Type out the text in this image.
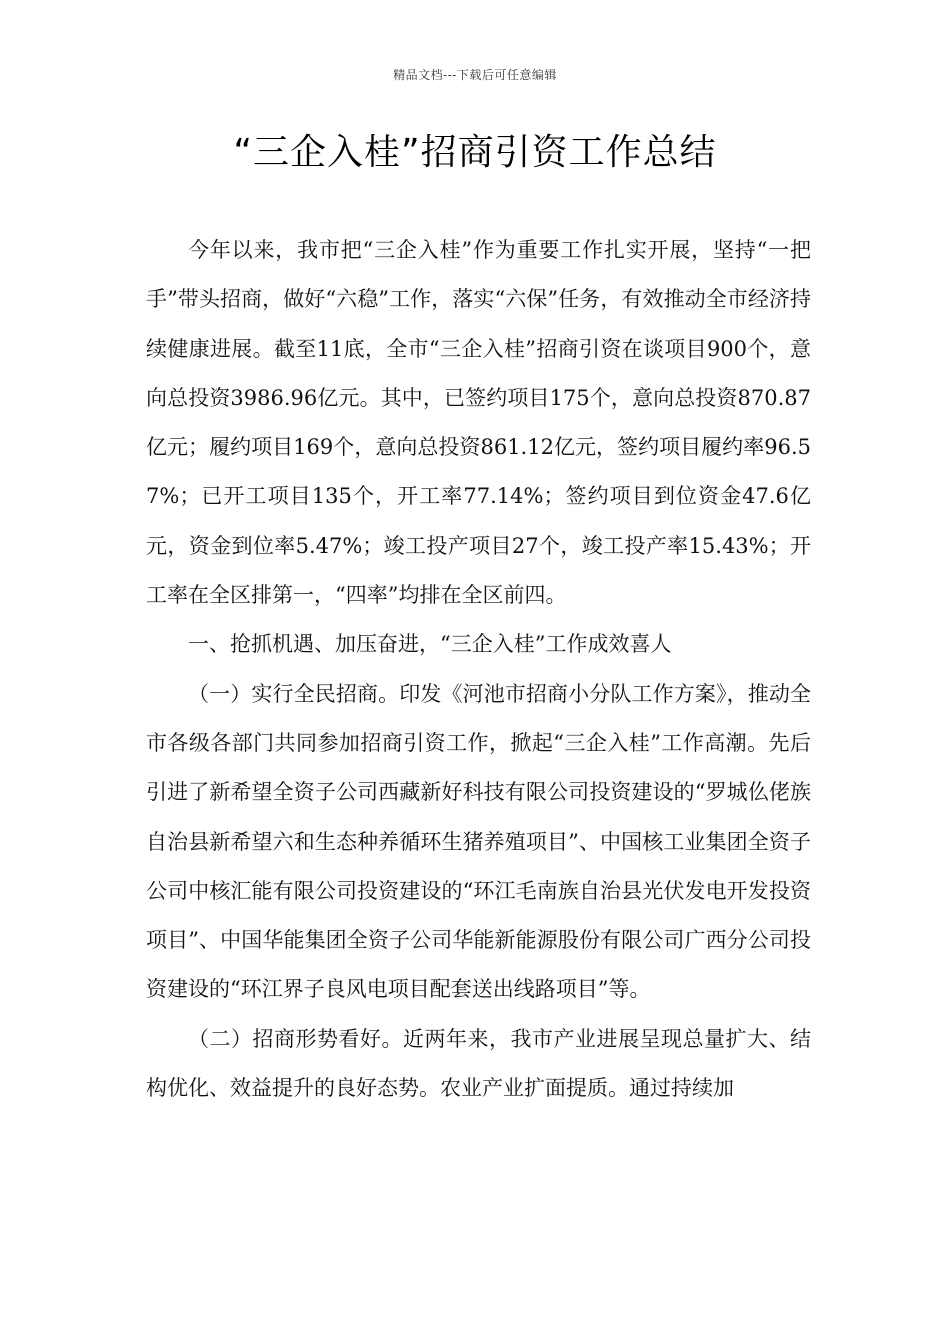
精品文档---下载后可任意编辑
“三企入桂”招商引资工作总结

今年以来，我市把“三企入桂”作为重要工作扎实开展，坚持“一把手”带头招商，做好“六稳”工作，落实“六保”任务，有效推动全市经济持续健康进展。截至11底，全市“三企入桂”招商引资在谈项目900个，意向总投资3986.96亿元。其中，已签约项目175个，意向总投资870.87亿元；履约项目169个，意向总投资861.12亿元，签约项目履约率96.57%；已开工项目135个，开工率77.14%；签约项目到位资金47.6亿元，资金到位率5.47%；竣工投产项目27个，竣工投产率15.43%；开工率在全区排第一，“四率”均排在全区前四。

一、抢抓机遇、加压奋进，“三企入桂”工作成效喜人

（一）实行全民招商。印发《河池市招商小分队工作方案》，推动全市各级各部门共同参加招商引资工作，掀起“三企入桂”工作高潮。先后引进了新希望全资子公司西藏新好科技有限公司投资建设的“罗城仫佬族自治县新希望六和生态种养循环生猪养殖项目”、中国核工业集团全资子公司中核汇能有限公司投资建设的“环江毛南族自治县光伏发电开发投资项目”、中国华能集团全资子公司华能新能源股份有限公司广西分公司投资建设的“环江界子良风电项目配套送出线路项目”等。

（二）招商形势看好。近两年来，我市产业进展呈现总量扩大、结构优化、效益提升的良好态势。农业产业扩面提质。通过持续加
